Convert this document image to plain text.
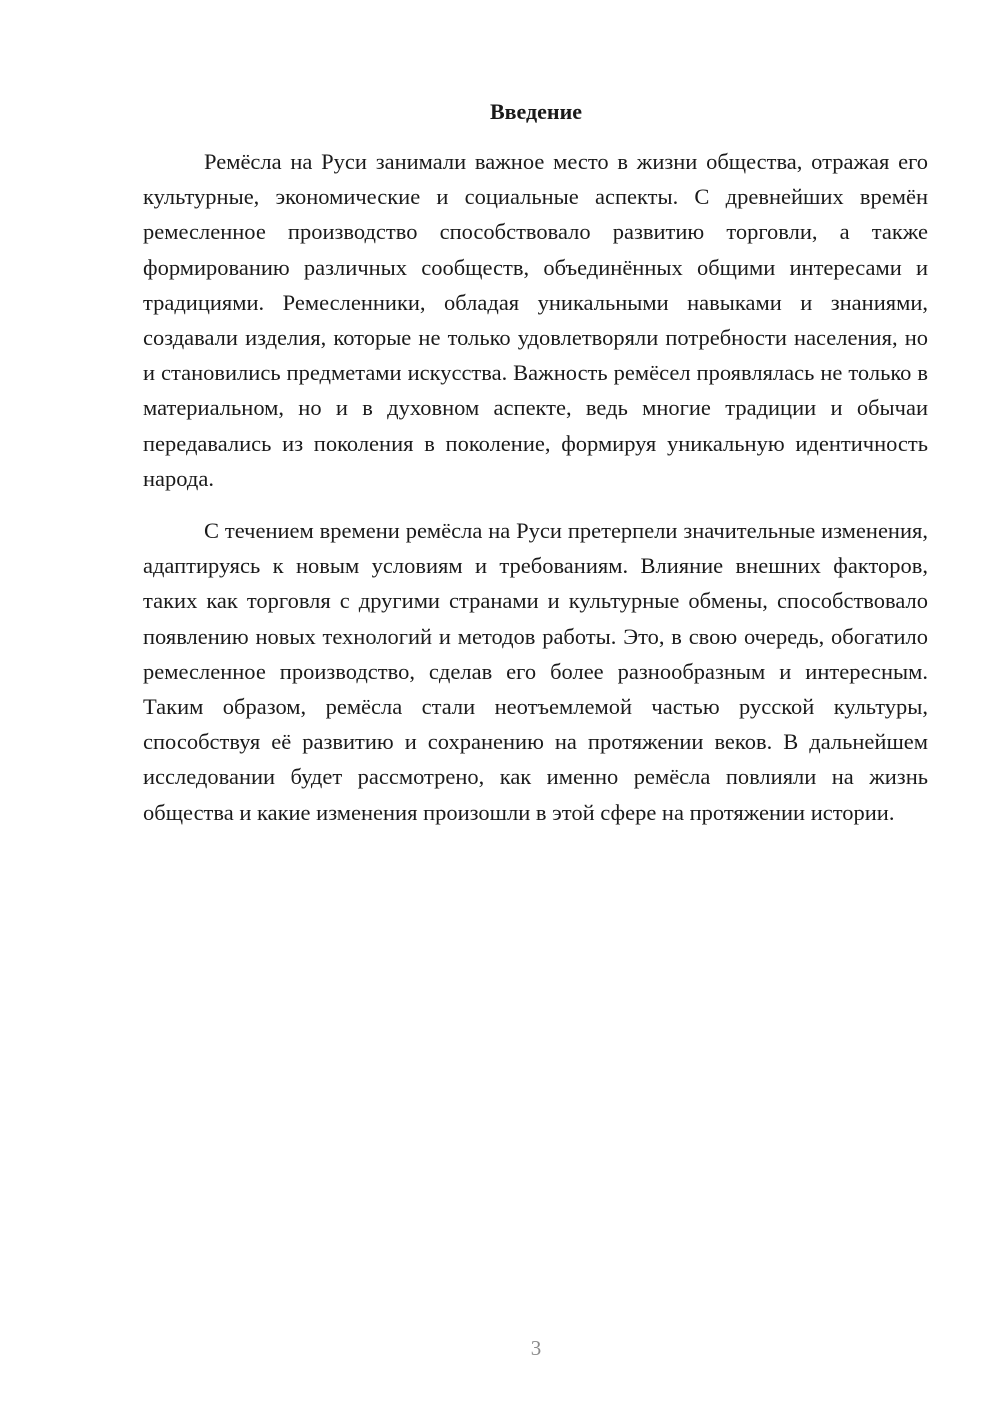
Введение

Ремёсла на Руси занимали важное место в жизни общества, отражая его культурные, экономические и социальные аспекты. С древнейших времён ремесленное производство способствовало развитию торговли, а также формированию различных сообществ, объединённых общими интересами и традициями. Ремесленники, обладая уникальными навыками и знаниями, создавали изделия, которые не только удовлетворяли потребности населения, но и становились предметами искусства. Важность ремёсел проявлялась не только в материальном, но и в духовном аспекте, ведь многие традиции и обычаи передавались из поколения в поколение, формируя уникальную идентичность народа.

С течением времени ремёсла на Руси претерпели значительные изменения, адаптируясь к новым условиям и требованиям. Влияние внешних факторов, таких как торговля с другими странами и культурные обмены, способствовало появлению новых технологий и методов работы. Это, в свою очередь, обогатило ремесленное производство, сделав его более разнообразным и интересным. Таким образом, ремёсла стали неотъемлемой частью русской культуры, способствуя её развитию и сохранению на протяжении веков. В дальнейшем исследовании будет рассмотрено, как именно ремёсла повлияли на жизнь общества и какие изменения произошли в этой сфере на протяжении истории.

3
